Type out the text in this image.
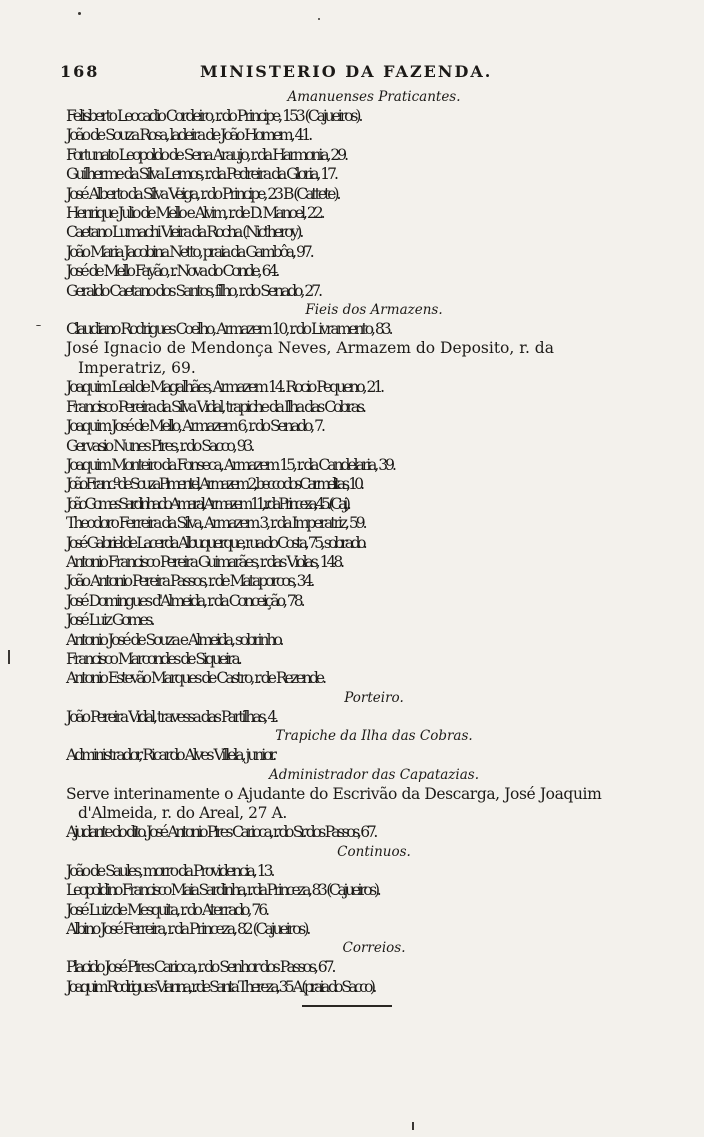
168	MINISTERIO DA FAZENDA.
Amanuenses Praticantes.
Felisberto Leocadio Cordeiro, r. do Principe, 153 (Cajueiros).
João de Souza Rosa, ladeira de João Homem, 41.
Fortunato Leopoldo de Sena Araujo, r. da Harmonia, 29.
Guilherme da Silva Lemos, r. da Pedreira da Gloria, 17.
José Alberto da Silva Veiga, r. do Principe, 23 B (Cattete).
Henrique Julio de Mello e Alvim, r. de D. Manoel, 22.
Caetano Lumachi Vieira da Rocha (Nictheroy).
João Maria Jacobina Netto, praia da Gambôa, 97.
José de Mello Fayão, r. Nova do Conde, 64.
Geraldo Caetano dos Santos, filho, r. do Senado, 27.
Fieis dos Armazens.
Claudiano Rodrigues Coelho, Armazem 10, r. do Livramento, 83.
José Ignacio de Mendonça Neves, Armazem do Deposito, r. da Imperatriz, 69.
Joaquim Leal de Magalhães, Armazem 14. Rocio Pequeno, 21.
Francisco Pereira da Silva Vidal, trapiche da Ilha das Cobras.
Joaquim José de Mello, Armazem 6, r. do Senado, 7.
Gervasio Nunes Pires, r. do Sacco, 93.
Joaquim Monteiro da Fonseca, Armazem 15, r. da Candelaria, 39.
João Franc.º de Souza Pimentel, Armazem 2, becco dos Carmelitas, 10.
João Gomes Sardinha do Amaral, Armazem 11, r. da Princeza, 45. (Caj.).
Theodoro Ferreira da Silva, Armazem 3, r. da Imperatriz, 59.
José Gabriel de Lacerda Albuquerque, rua do Costa, 75, sobrado.
Antonio Francisco Pereira Guimarães, r. das Violas, 148.
João Antonio Pereira Passos, r. de Mataporcos, 34.
José Domingues d'Almeida, r. da Conceição, 78.
José Luiz Gomes.
Antonio José de Souza e Almeida, sobrinho.
Francisco Marcondes de Siqueira.
Antonio Estevão Marques de Castro, r. de Rezende.
Porteiro.
João Pereira Vidal, travessa das Partilhas, 4.
Trapiche da Ilha das Cobras.
Administrador, Ricardo Alves Villela, junior.
Administrador das Capatazias.
Serve interinamente o Ajudante do Escrivão da Descarga, José Joaquim d'Almeida, r. do Areal, 27 A.
Ajudante do dito. José Antonio Pires Carioca, r. do Sr. dos Passos, 67.
Continuos.
João de Saules, morro da Providencia, 13.
Leopoldino Francisco Maia Sardinha, r. da Princeza, 83 (Cajueiros).
José Luiz de Mesquita, r. do Aterrado, 76.
Albino José Ferreira, r. da Princeza, 82 (Cajueiros).
Correios.
Placido José Pires Carioca, r. do Senhor dos Passos, 67.
Joaquim Rodrigues Vianna, r. de Santa Thereza, 35 A (praia do Sacco).
